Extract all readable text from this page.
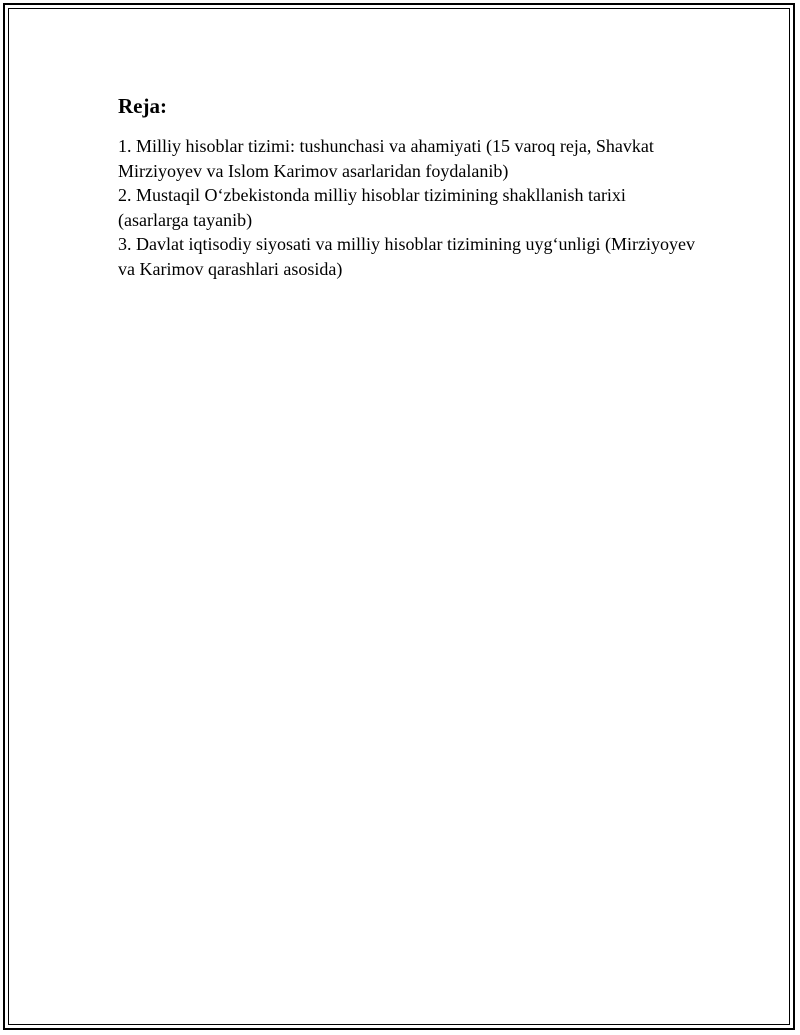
Reja:

1. Milliy hisoblar tizimi: tushunchasi va ahamiyati (15 varoq reja, Shavkat Mirziyoyev va Islom Karimov asarlaridan foydalanib)

2. Mustaqil O‘zbekistonda milliy hisoblar tizimining shakllanish tarixi (asarlarga tayanib)

3. Davlat iqtisodiy siyosati va milliy hisoblar tizimining uyg‘unligi (Mirziyoyev va Karimov qarashlari asosida)
